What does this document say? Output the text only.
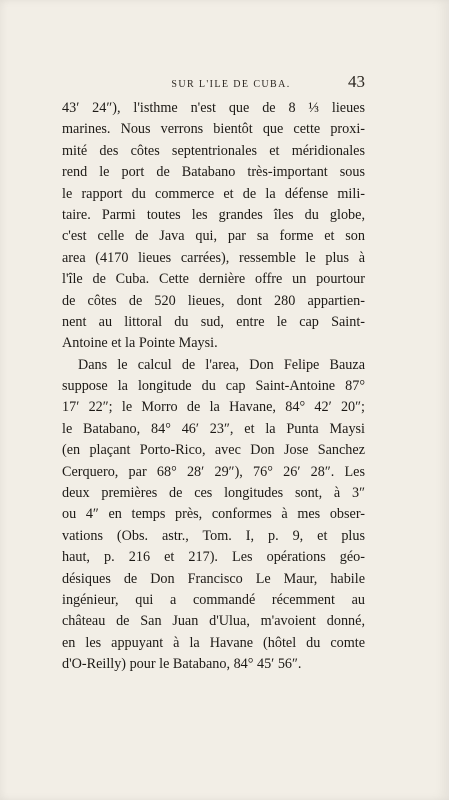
SUR L'ILE DE CUBA.	43
43′ 24″), l'isthme n'est que de 8 ⅓ lieues
marines. Nous verrons bientôt que cette proxi-
mité des côtes septentrionales et méridionales
rend le port de Batabano très-important sous
le rapport du commerce et de la défense mili-
taire. Parmi toutes les grandes îles du globe,
c'est celle de Java qui, par sa forme et son
area (4170 lieues carrées), ressemble le plus à
l'île de Cuba. Cette dernière offre un pourtour
de côtes de 520 lieues, dont 280 appartien-
nent au littoral du sud, entre le cap Saint-
Antoine et la Pointe Maysi.
Dans le calcul de l'area, Don Felipe Bauza
suppose la longitude du cap Saint-Antoine 87°
17′ 22″; le Morro de la Havane, 84° 42′ 20″;
le Batabano, 84° 46′ 23″, et la Punta Maysi
(en plaçant Porto-Rico, avec Don Jose Sanchez
Cerquero, par 68° 28′ 29″), 76° 26′ 28″. Les
deux premières de ces longitudes sont, à 3″
ou 4″ en temps près, conformes à mes obser-
vations (Obs. astr., Tom. I, p. 9, et plus
haut, p. 216 et 217). Les opérations géo-
désiques de Don Francisco Le Maur, habile
ingénieur, qui a commandé récemment au
château de San Juan d'Ulua, m'avoient donné,
en les appuyant à la Havane (hôtel du comte
d'O-Reilly) pour le Batabano, 84° 45′ 56″.
